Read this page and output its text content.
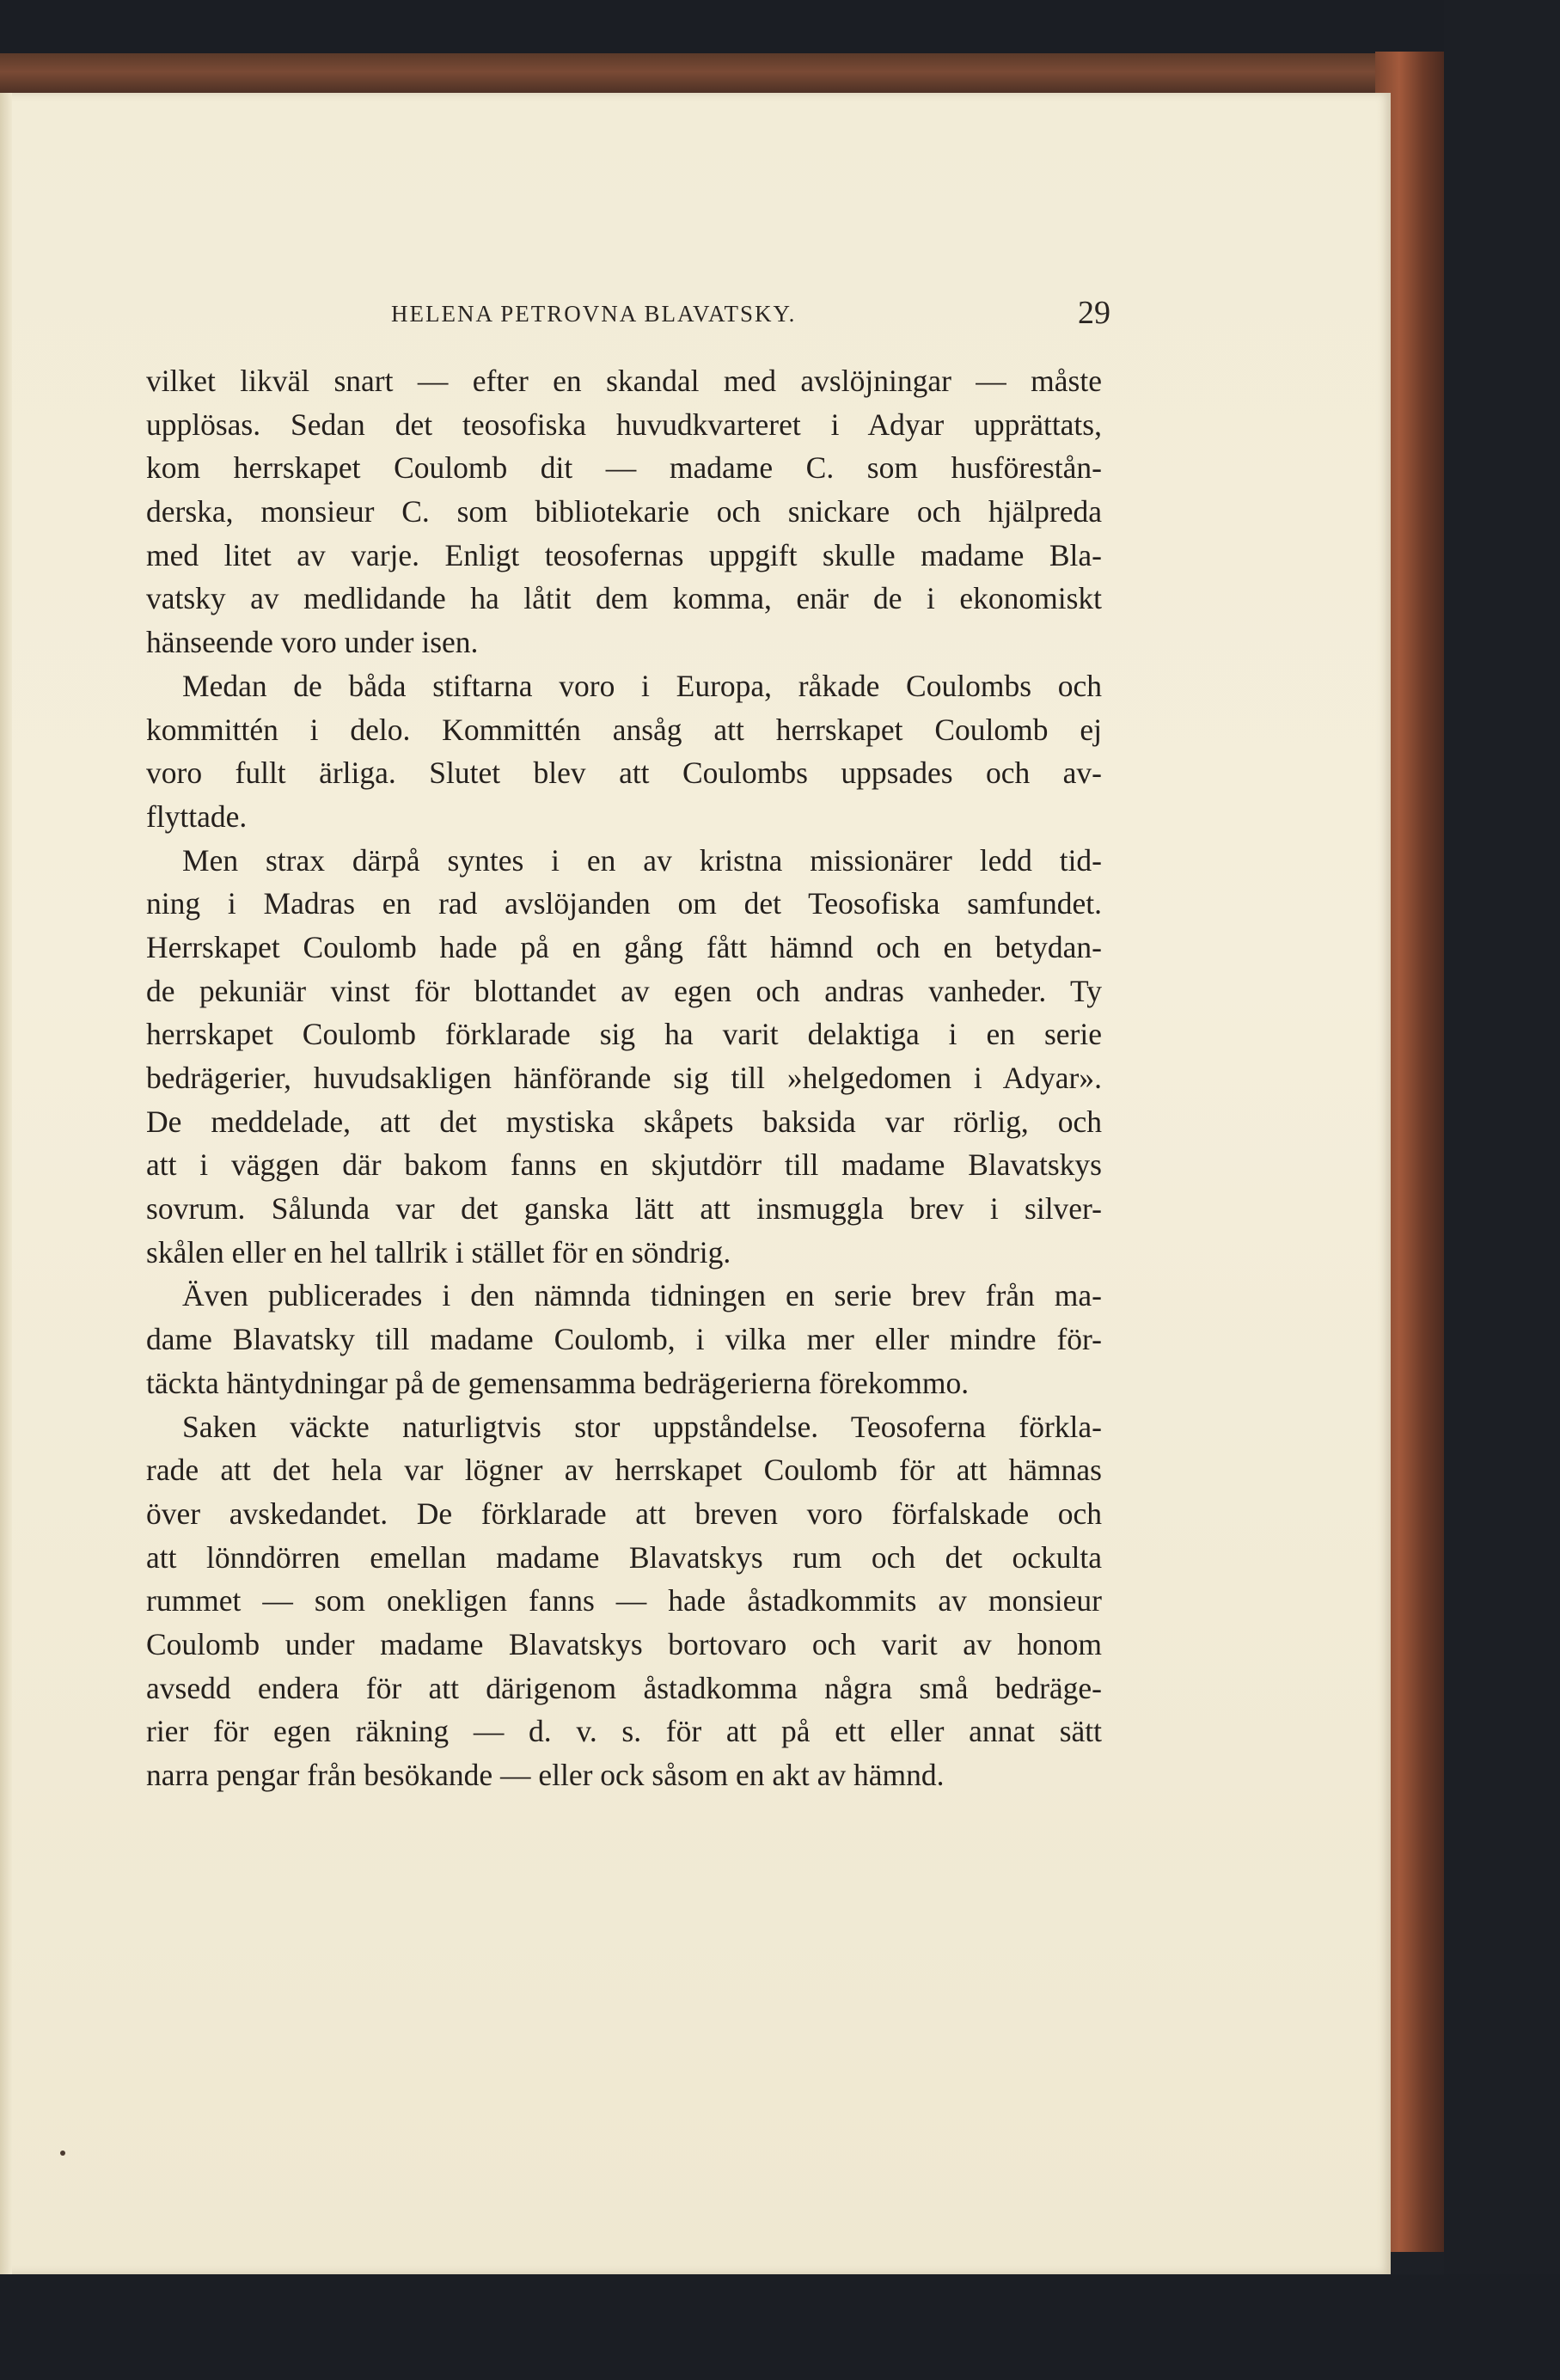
HELENA PETROVNA BLAVATSKY.	29
vilket likväl snart — efter en skandal med avslöjningar — måste
upplösas. Sedan det teosofiska huvudkvarteret i Adyar upprättats,
kom herrskapet Coulomb dit — madame C. som husförestån-
derska, monsieur C. som bibliotekarie och snickare och hjälpreda
med litet av varje. Enligt teosofernas uppgift skulle madame Bla-
vatsky av medlidande ha låtit dem komma, enär de i ekonomiskt
hänseende voro under isen.
Medan de båda stiftarna voro i Europa, råkade Coulombs och
kommittén i delo. Kommittén ansåg att herrskapet Coulomb ej
voro fullt ärliga. Slutet blev att Coulombs uppsades och av-
flyttade.
Men strax därpå syntes i en av kristna missionärer ledd tid-
ning i Madras en rad avslöjanden om det Teosofiska samfundet.
Herrskapet Coulomb hade på en gång fått hämnd och en betydan-
de pekuniär vinst för blottandet av egen och andras vanheder. Ty
herrskapet Coulomb förklarade sig ha varit delaktiga i en serie
bedrägerier, huvudsakligen hänförande sig till »helgedomen i Adyar».
De meddelade, att det mystiska skåpets baksida var rörlig, och
att i väggen där bakom fanns en skjutdörr till madame Blavatskys
sovrum. Sålunda var det ganska lätt att insmuggla brev i silver-
skålen eller en hel tallrik i stället för en söndrig.
Även publicerades i den nämnda tidningen en serie brev från ma-
dame Blavatsky till madame Coulomb, i vilka mer eller mindre för-
täckta häntydningar på de gemensamma bedrägerierna förekommo.
Saken väckte naturligtvis stor uppståndelse. Teosoferna förkla-
rade att det hela var lögner av herrskapet Coulomb för att hämnas
över avskedandet. De förklarade att breven voro förfalskade och
att lönndörren emellan madame Blavatskys rum och det ockulta
rummet — som onekligen fanns — hade åstadkommits av monsieur
Coulomb under madame Blavatskys bortovaro och varit av honom
avsedd endera för att därigenom åstadkomma några små bedräge-
rier för egen räkning — d. v. s. för att på ett eller annat sätt
narra pengar från besökande — eller ock såsom en akt av hämnd.
